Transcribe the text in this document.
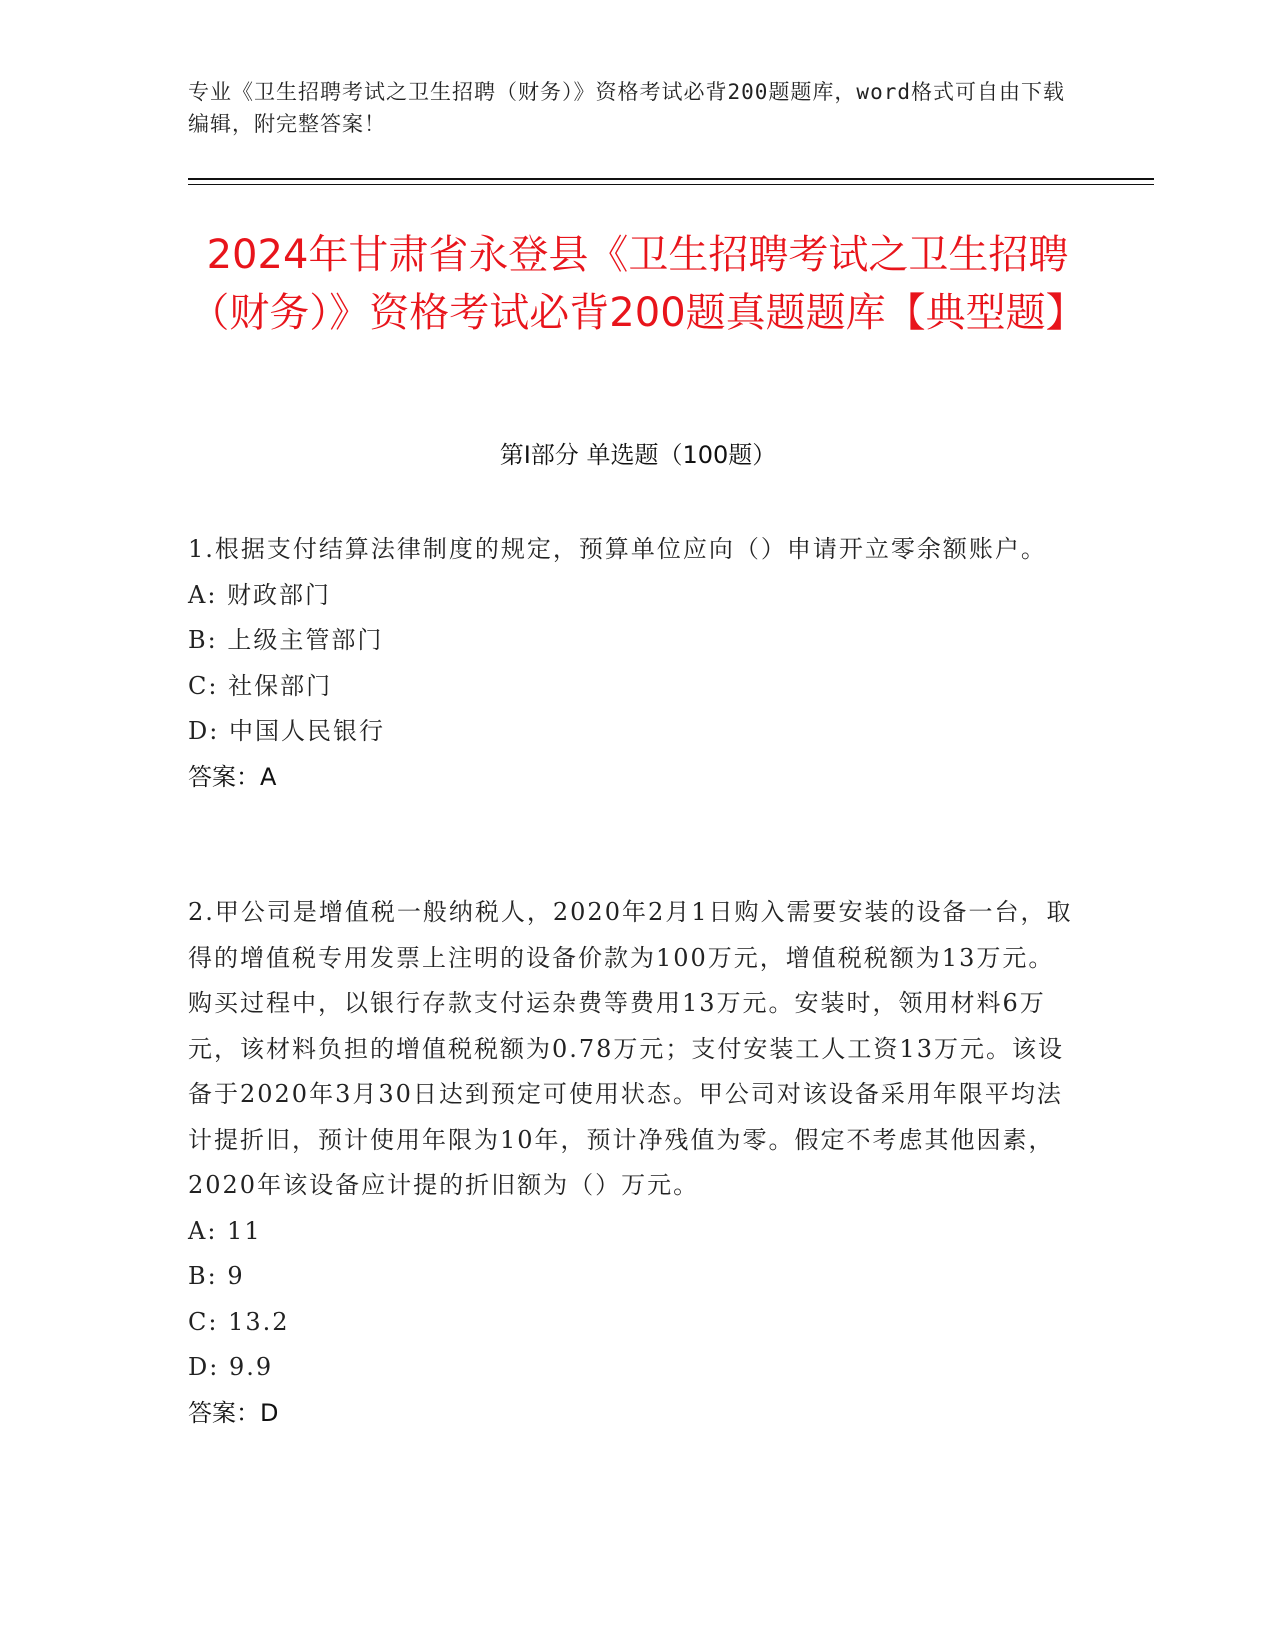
专业《卫生招聘考试之卫生招聘（财务）》资格考试必背200题题库，word格式可自由下载编辑，附完整答案！
2024年甘肃省永登县《卫生招聘考试之卫生招聘（财务）》资格考试必背200题真题题库【典型题】
第I部分 单选题（100题）

1.根据支付结算法律制度的规定，预算单位应向（）申请开立零余额账户。

A: 财政部门

B: 上级主管部门

C: 社保部门

D: 中国人民银行

答案：A

2.甲公司是增值税一般纳税人，2020年2月1日购入需要安装的设备一台，取得的增值税专用发票上注明的设备价款为100万元，增值税税额为13万元。购买过程中，以银行存款支付运杂费等费用13万元。安装时，领用材料6万元，该材料负担的增值税税额为0.78万元；支付安装工人工资13万元。该设备于2020年3月30日达到预定可使用状态。甲公司对该设备采用年限平均法计提折旧，预计使用年限为10年，预计净残值为零。假定不考虑其他因素，2020年该设备应计提的折旧额为（）万元。

A: 11

B: 9

C: 13.2

D: 9.9

答案：D
